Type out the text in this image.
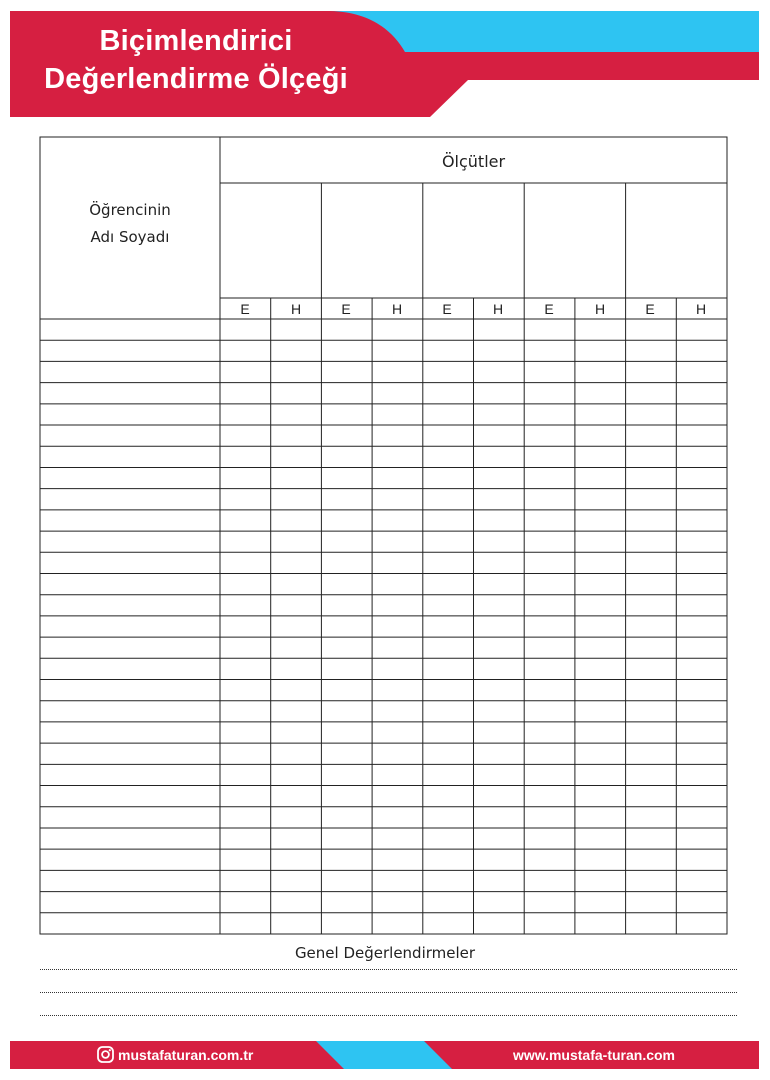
Biçimlendirici
Değerlendirme Ölçeği
Öğrencinin
Adı Soyadı
Ölçütler
E	H	E	H	E	H	E	H	E	H
Genel Değerlendirmeler
mustafaturan.com.tr	www.mustafa-turan.com
